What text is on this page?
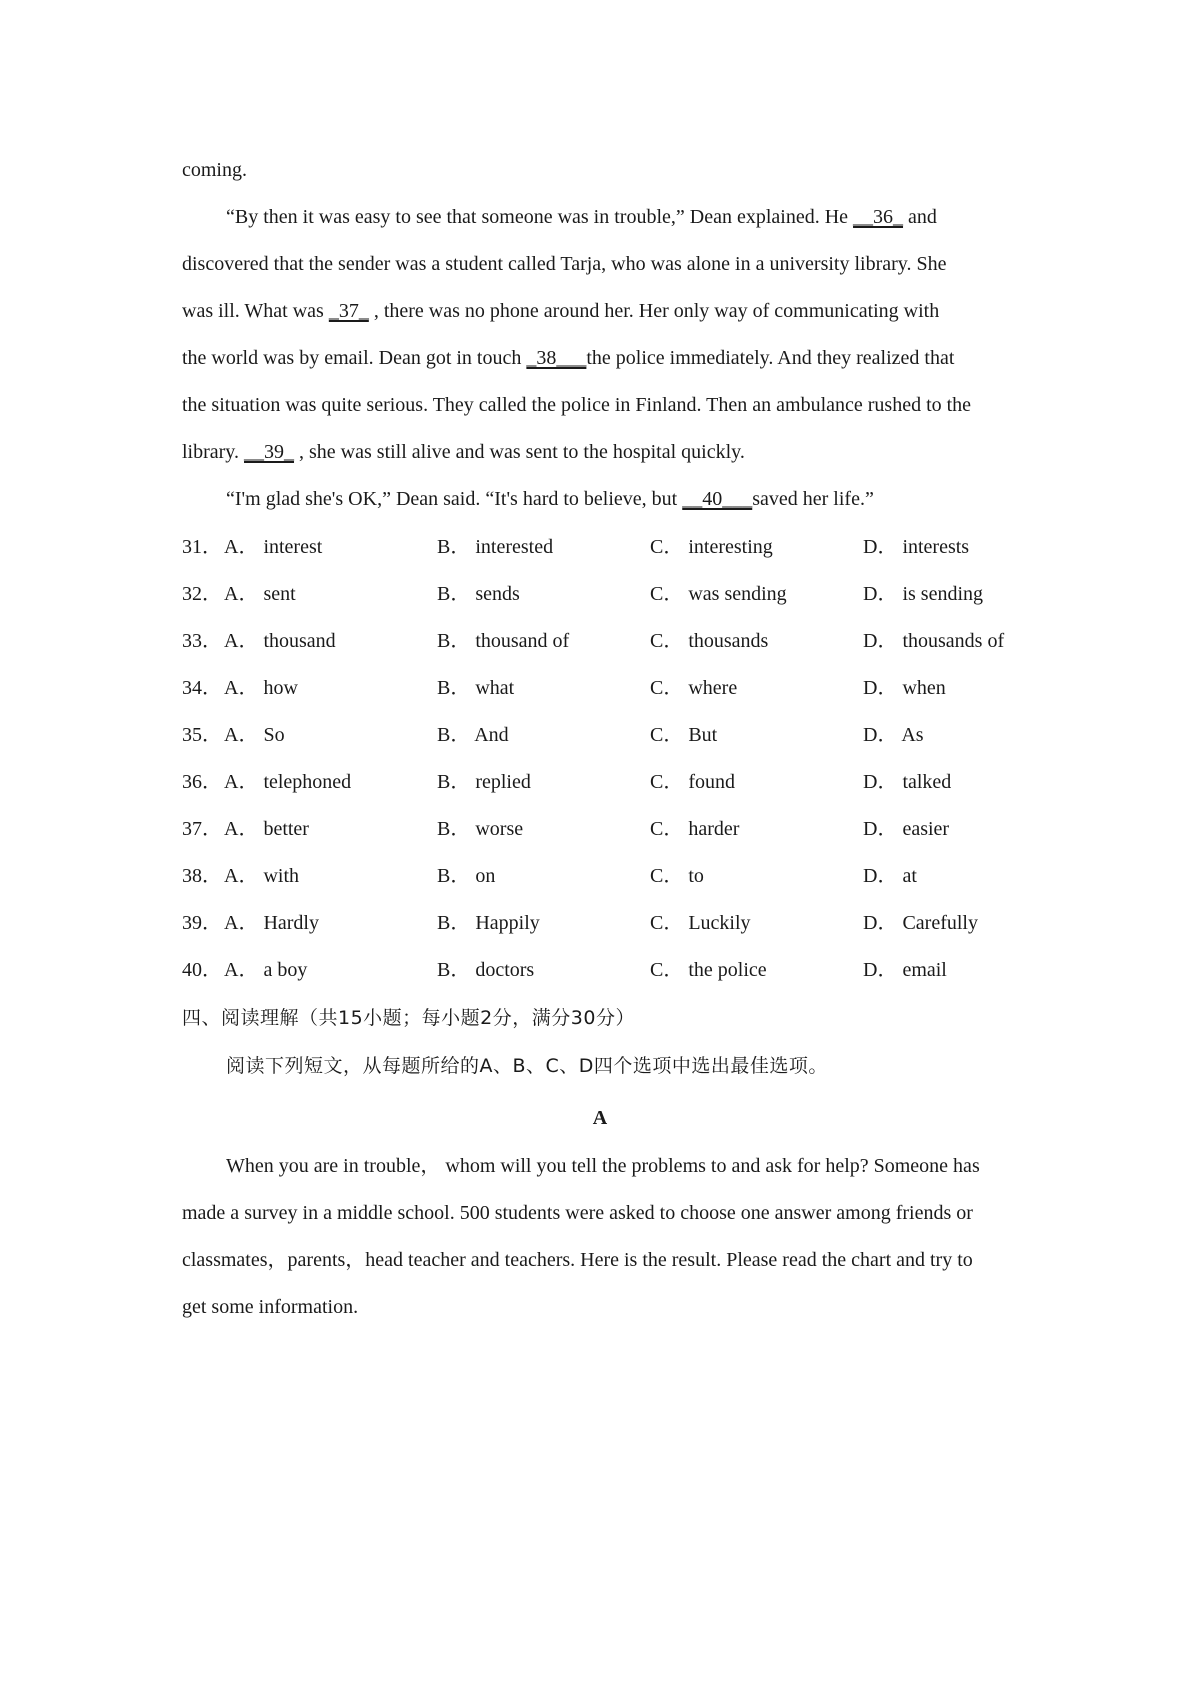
coming.
“By then it was easy to see that someone was in trouble,” Dean explained. He __36_ and
discovered that the sender was a student called Tarja, who was alone in a university library. She
was ill. What was _37_ , there was no phone around her. Her only way of communicating with
the world was by email. Dean got in touch _38___the police immediately. And they realized that
the situation was quite serious. They called the police in Finland. Then an ambulance rushed to the
library. __39_ , she was still alive and was sent to the hospital quickly.
“I'm glad she's OK,” Dean said. “It's hard to believe, but __40___saved her life.”
31． A． interest	B． interested	C． interesting	D． interests
32． A． sent	B． sends	C． was sending	D． is sending
33． A． thousand	B． thousand of	C． thousands	D． thousands of
34． A． how	B． what	C． where	D． when
35． A． So	B． And	C． But	D． As
36． A． telephoned	B． replied	C． found	D． talked
37． A． better	B． worse	C． harder	D． easier
38． A． with	B． on	C． to	D． at
39． A． Hardly	B． Happily	C． Luckily	D． Carefully
40． A． a boy	B． doctors	C． the police	D． email
四、阅读理解（共15小题；每小题2分，满分30分）
阅读下列短文，从每题所给的A、B、C、D四个选项中选出最佳选项。
A
When you are in trouble， whom will you tell the problems to and ask for help? Someone has
made a survey in a middle school. 500 students were asked to choose one answer among friends or
classmates，parents，head teacher and teachers. Here is the result. Please read the chart and try to
get some information.
